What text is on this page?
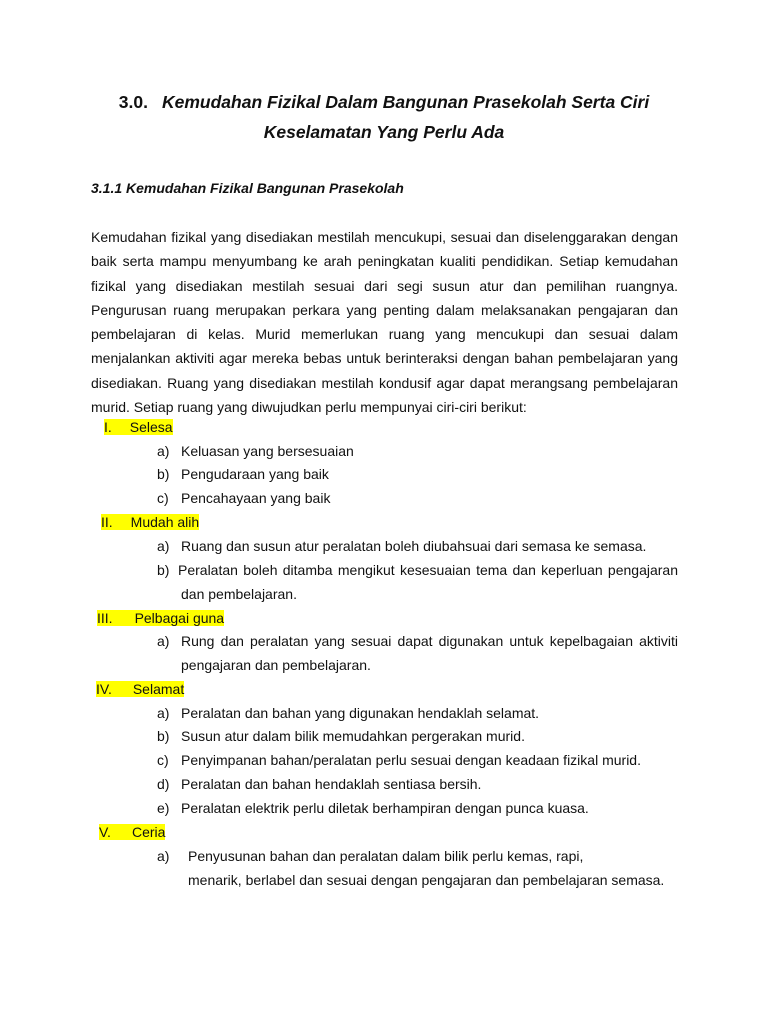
3.0. Kemudahan Fizikal Dalam Bangunan Prasekolah Serta Ciri
Keselamatan Yang Perlu Ada
3.1.1 Kemudahan Fizikal Bangunan Prasekolah
Kemudahan fizikal yang disediakan mestilah mencukupi, sesuai dan diselenggarakan dengan
baik serta mampu menyumbang ke arah peningkatan kualiti pendidikan. Setiap kemudahan
fizikal yang disediakan mestilah sesuai dari segi susun atur dan pemilihan ruangnya.
Pengurusan ruang merupakan perkara yang penting dalam melaksanakan pengajaran dan
pembelajaran di kelas. Murid memerlukan ruang yang mencukupi dan sesuai dalam
menjalankan aktiviti agar mereka bebas untuk berinteraksi dengan bahan pembelajaran yang
disediakan. Ruang yang disediakan mestilah kondusif agar dapat merangsang pembelajaran
murid. Setiap ruang yang diwujudkan perlu mempunyai ciri-ciri berikut:
I. Selesa
a) Keluasan yang bersesuaian
b) Pengudaraan yang baik
c) Pencahayaan yang baik
II. Mudah alih
a) Ruang dan susun atur peralatan boleh diubahsuai dari semasa ke semasa.
b) Peralatan boleh ditamba mengikut kesesuaian tema dan keperluan pengajaran
dan pembelajaran.
III. Pelbagai guna
a) Rung dan peralatan yang sesuai dapat digunakan untuk kepelbagaian aktiviti
pengajaran dan pembelajaran.
IV. Selamat
a) Peralatan dan bahan yang digunakan hendaklah selamat.
b) Susun atur dalam bilik memudahkan pergerakan murid.
c) Penyimpanan bahan/peralatan perlu sesuai dengan keadaan fizikal murid.
d) Peralatan dan bahan hendaklah sentiasa bersih.
e) Peralatan elektrik perlu diletak berhampiran dengan punca kuasa.
V. Ceria
a) Penyusunan bahan dan peralatan dalam bilik perlu kemas, rapi,
menarik, berlabel dan sesuai dengan pengajaran dan pembelajaran semasa.
